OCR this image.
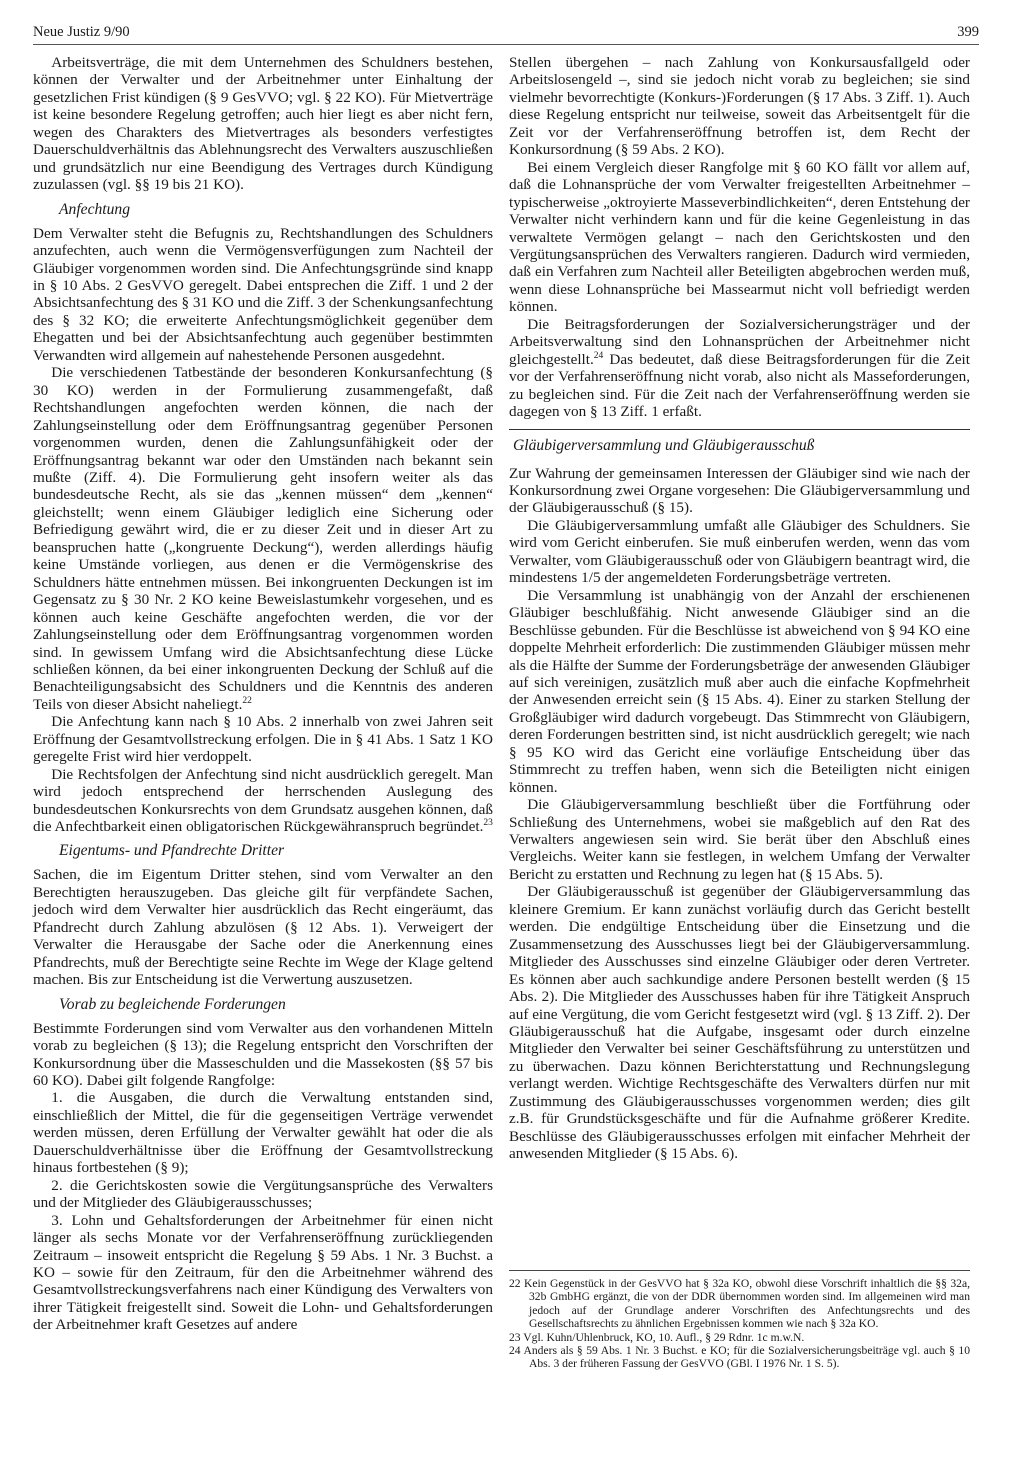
Neue Justiz 9/90	399

Arbeitsverträge, die mit dem Unternehmen des Schuldners bestehen, können der Verwalter und der Arbeitnehmer unter Einhaltung der gesetzlichen Frist kündigen (§ 9 GesVVO; vgl. § 22 KO). Für Mietverträge ist keine besondere Regelung getroffen; auch hier liegt es aber nicht fern, wegen des Charakters des Mietvertrages als besonders verfestigtes Dauerschuldverhältnis das Ablehnungsrecht des Verwalters auszuschließen und grundsätzlich nur eine Beendigung des Vertrages durch Kündigung zuzulassen (vgl. §§ 19 bis 21 KO).

Anfechtung

Dem Verwalter steht die Befugnis zu, Rechtshandlungen des Schuldners anzufechten, auch wenn die Vermögensverfügungen zum Nachteil der Gläubiger vorgenommen worden sind. Die Anfechtungsgründe sind knapp in § 10 Abs. 2 GesVVO geregelt. Dabei entsprechen die Ziff. 1 und 2 der Absichtsanfechtung des § 31 KO und die Ziff. 3 der Schenkungsanfechtung des § 32 KO; die erweiterte Anfechtungsmöglichkeit gegenüber dem Ehegatten und bei der Absichtsanfechtung auch gegenüber bestimmten Verwandten wird allgemein auf nahestehende Personen ausgedehnt.

Die verschiedenen Tatbestände der besonderen Konkursanfechtung (§ 30 KO) werden in der Formulierung zusammengefaßt, daß Rechtshandlungen angefochten werden können, die nach der Zahlungseinstellung oder dem Eröffnungsantrag gegenüber Personen vorgenommen wurden, denen die Zahlungsunfähigkeit oder der Eröffnungsantrag bekannt war oder den Umständen nach bekannt sein mußte (Ziff. 4). Die Formulierung geht insofern weiter als das bundesdeutsche Recht, als sie das „kennen müssen“ dem „kennen“ gleichstellt; wenn einem Gläubiger lediglich eine Sicherung oder Befriedigung gewährt wird, die er zu dieser Zeit und in dieser Art zu beanspruchen hatte („kongruente Deckung“), werden allerdings häufig keine Umstände vorliegen, aus denen er die Vermögenskrise des Schuldners hätte entnehmen müssen. Bei inkongruenten Deckungen ist im Gegensatz zu § 30 Nr. 2 KO keine Beweislastumkehr vorgesehen, und es können auch keine Geschäfte angefochten werden, die vor der Zahlungseinstellung oder dem Eröffnungsantrag vorgenommen worden sind. In gewissem Umfang wird die Absichtsanfechtung diese Lücke schließen können, da bei einer inkongruenten Deckung der Schluß auf die Benachteiligungsabsicht des Schuldners und die Kenntnis des anderen Teils von dieser Absicht naheliegt.$^{22}$

Die Anfechtung kann nach § 10 Abs. 2 innerhalb von zwei Jahren seit Eröffnung der Gesamtvollstreckung erfolgen. Die in § 41 Abs. 1 Satz 1 KO geregelte Frist wird hier verdoppelt.

Die Rechtsfolgen der Anfechtung sind nicht ausdrücklich geregelt. Man wird jedoch entsprechend der herrschenden Auslegung des bundesdeutschen Konkursrechts von dem Grundsatz ausgehen können, daß die Anfechtbarkeit einen obligatorischen Rückgewähranspruch begründet.$^{23}$

Eigentums- und Pfandrechte Dritter

Sachen, die im Eigentum Dritter stehen, sind vom Verwalter an den Berechtigten herauszugeben. Das gleiche gilt für verpfändete Sachen, jedoch wird dem Verwalter hier ausdrücklich das Recht eingeräumt, das Pfandrecht durch Zahlung abzulösen (§ 12 Abs. 1). Verweigert der Verwalter die Herausgabe der Sache oder die Anerkennung eines Pfandrechts, muß der Berechtigte seine Rechte im Wege der Klage geltend machen. Bis zur Entscheidung ist die Verwertung auszusetzen.

Vorab zu begleichende Forderungen

Bestimmte Forderungen sind vom Verwalter aus den vorhandenen Mitteln vorab zu begleichen (§ 13); die Regelung entspricht den Vorschriften der Konkursordnung über die Masseschulden und die Massekosten (§§ 57 bis 60 KO). Dabei gilt folgende Rangfolge:

1. die Ausgaben, die durch die Verwaltung entstanden sind, einschließlich der Mittel, die für die gegenseitigen Verträge verwendet werden müssen, deren Erfüllung der Verwalter gewählt hat oder die als Dauerschuldverhältnisse über die Eröffnung der Gesamtvollstreckung hinaus fortbestehen (§ 9);

2. die Gerichtskosten sowie die Vergütungsansprüche des Verwalters und der Mitglieder des Gläubigerausschusses;

3. Lohn und Gehaltsforderungen der Arbeitnehmer für einen nicht länger als sechs Monate vor der Verfahrenseröffnung zurückliegenden Zeitraum – insoweit entspricht die Regelung § 59 Abs. 1 Nr. 3 Buchst. a KO – sowie für den Zeitraum, für den die Arbeitnehmer während des Gesamtvollstreckungsverfahrens nach einer Kündigung des Verwalters von ihrer Tätigkeit freigestellt sind. Soweit die Lohn- und Gehaltsforderungen der Arbeitnehmer kraft Gesetzes auf andere

Stellen übergehen – nach Zahlung von Konkursausfallgeld oder Arbeitslosengeld –, sind sie jedoch nicht vorab zu begleichen; sie sind vielmehr bevorrechtigte (Konkurs-)Forderungen (§ 17 Abs. 3 Ziff. 1). Auch diese Regelung entspricht nur teilweise, soweit das Arbeitsentgelt für die Zeit vor der Verfahrenseröffnung betroffen ist, dem Recht der Konkursordnung (§ 59 Abs. 2 KO).

Bei einem Vergleich dieser Rangfolge mit § 60 KO fällt vor allem auf, daß die Lohnansprüche der vom Verwalter freigestellten Arbeitnehmer – typischerweise „oktroyierte Masseverbindlichkeiten“, deren Entstehung der Verwalter nicht verhindern kann und für die keine Gegenleistung in das verwaltete Vermögen gelangt – nach den Gerichtskosten und den Vergütungsansprüchen des Verwalters rangieren. Dadurch wird vermieden, daß ein Verfahren zum Nachteil aller Beteiligten abgebrochen werden muß, wenn diese Lohnansprüche bei Massearmut nicht voll befriedigt werden können.

Die Beitragsforderungen der Sozialversicherungsträger und der Arbeitsverwaltung sind den Lohnansprüchen der Arbeitnehmer nicht gleichgestellt.$^{24}$ Das bedeutet, daß diese Beitragsforderungen für die Zeit vor der Verfahrenseröffnung nicht vorab, also nicht als Masseforderungen, zu begleichen sind. Für die Zeit nach der Verfahrenseröffnung werden sie dagegen von § 13 Ziff. 1 erfaßt.

Gläubigerversammlung und Gläubigerausschuß

Zur Wahrung der gemeinsamen Interessen der Gläubiger sind wie nach der Konkursordnung zwei Organe vorgesehen: Die Gläubigerversammlung und der Gläubigerausschuß (§ 15).

Die Gläubigerversammlung umfaßt alle Gläubiger des Schuldners. Sie wird vom Gericht einberufen. Sie muß einberufen werden, wenn das vom Verwalter, vom Gläubigerausschuß oder von Gläubigern beantragt wird, die mindestens 1/5 der angemeldeten Forderungsbeträge vertreten.

Die Versammlung ist unabhängig von der Anzahl der erschienenen Gläubiger beschlußfähig. Nicht anwesende Gläubiger sind an die Beschlüsse gebunden. Für die Beschlüsse ist abweichend von § 94 KO eine doppelte Mehrheit erforderlich: Die zustimmenden Gläubiger müssen mehr als die Hälfte der Summe der Forderungsbeträge der anwesenden Gläubiger auf sich vereinigen, zusätzlich muß aber auch die einfache Kopfmehrheit der Anwesenden erreicht sein (§ 15 Abs. 4). Einer zu starken Stellung der Großgläubiger wird dadurch vorgebeugt. Das Stimmrecht von Gläubigern, deren Forderungen bestritten sind, ist nicht ausdrücklich geregelt; wie nach § 95 KO wird das Gericht eine vorläufige Entscheidung über das Stimmrecht zu treffen haben, wenn sich die Beteiligten nicht einigen können.

Die Gläubigerversammlung beschließt über die Fortführung oder Schließung des Unternehmens, wobei sie maßgeblich auf den Rat des Verwalters angewiesen sein wird. Sie berät über den Abschluß eines Vergleichs. Weiter kann sie festlegen, in welchem Umfang der Verwalter Bericht zu erstatten und Rechnung zu legen hat (§ 15 Abs. 5).

Der Gläubigerausschuß ist gegenüber der Gläubigerversammlung das kleinere Gremium. Er kann zunächst vorläufig durch das Gericht bestellt werden. Die endgültige Entscheidung über die Einsetzung und die Zusammensetzung des Ausschusses liegt bei der Gläubigerversammlung. Mitglieder des Ausschusses sind einzelne Gläubiger oder deren Vertreter. Es können aber auch sachkundige andere Personen bestellt werden (§ 15 Abs. 2). Die Mitglieder des Ausschusses haben für ihre Tätigkeit Anspruch auf eine Vergütung, die vom Gericht festgesetzt wird (vgl. § 13 Ziff. 2). Der Gläubigerausschuß hat die Aufgabe, insgesamt oder durch einzelne Mitglieder den Verwalter bei seiner Geschäftsführung zu unterstützen und zu überwachen. Dazu können Berichterstattung und Rechnungslegung verlangt werden. Wichtige Rechtsgeschäfte des Verwalters dürfen nur mit Zustimmung des Gläubigerausschusses vorgenommen werden; dies gilt z.B. für Grundstücksgeschäfte und für die Aufnahme größerer Kredite. Beschlüsse des Gläubigerausschusses erfolgen mit einfacher Mehrheit der anwesenden Mitglieder (§ 15 Abs. 6).

22 Kein Gegenstück in der GesVVO hat § 32a KO, obwohl diese Vorschrift inhaltlich die §§ 32a, 32b GmbHG ergänzt, die von der DDR übernommen worden sind. Im allgemeinen wird man jedoch auf der Grundlage anderer Vorschriften des Anfechtungsrechts und des Gesellschaftsrechts zu ähnlichen Ergebnissen kommen wie nach § 32a KO.

23 Vgl. Kuhn/Uhlenbruck, KO, 10. Aufl., § 29 Rdnr. 1c m.w.N.

24 Anders als § 59 Abs. 1 Nr. 3 Buchst. e KO; für die Sozialversicherungsbeiträge vgl. auch § 10 Abs. 3 der früheren Fassung der GesVVO (GBl. I 1976 Nr. 1 S. 5).
